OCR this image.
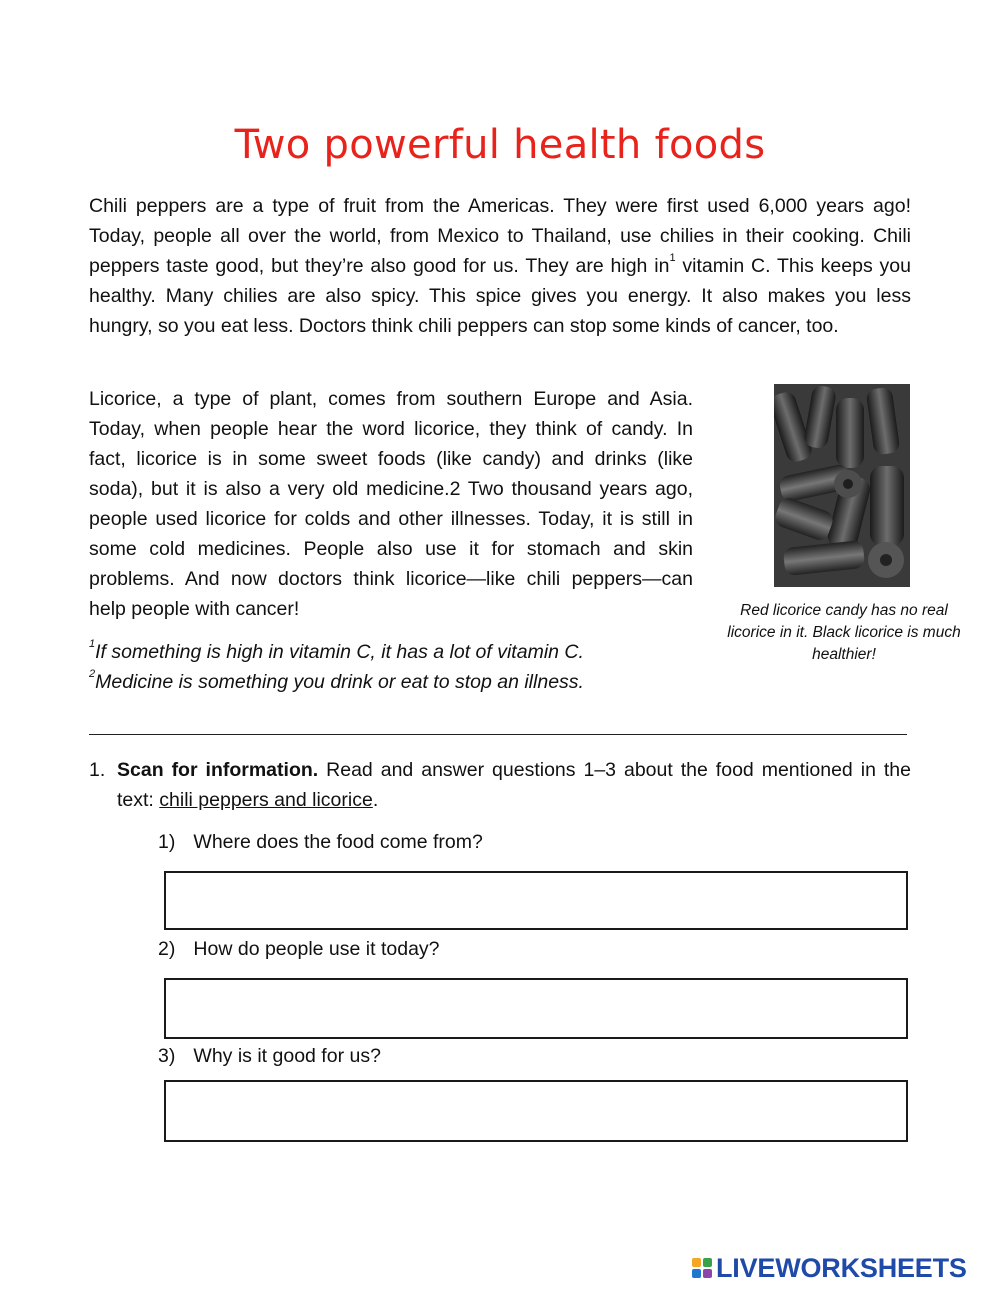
Two powerful health foods

Chili peppers are a type of fruit from the Americas. They were first used 6,000 years ago! Today, people all over the world, from Mexico to Thailand, use chilies in their cooking. Chili peppers taste good, but they’re also good for us. They are high $in^1$ vitamin C. This keeps you healthy. Many chilies are also spicy. This spice gives you energy. It also makes you less hungry, so you eat less. Doctors think chili peppers can stop some kinds of cancer, too.

Licorice, a type of plant, comes from southern Europe and Asia. Today, when people hear the word licorice, they think of candy. In fact, licorice is in some sweet foods (like candy) and drinks (like soda), but it is also a very old medicine.2 Two thousand years ago, people used licorice for colds and other illnesses. Today, it is still in some cold medicines. People also use it for stomach and skin problems. And now doctors think licorice—like chili peppers—can help people with cancer!	Red licorice candy has no real licorice in it. Black licorice is much healthier!

$^1$If something is high in vitamin C, it has a lot of vitamin C.
$^2$Medicine is something you drink or eat to stop an illness.
1. Scan for information. Read and answer questions 1–3 about the food mentioned in the text: chili peppers and licorice.
1) Where does the food come from?
2) How do people use it today?
3) Why is it good for us?
LIVEWORKSHEETS
